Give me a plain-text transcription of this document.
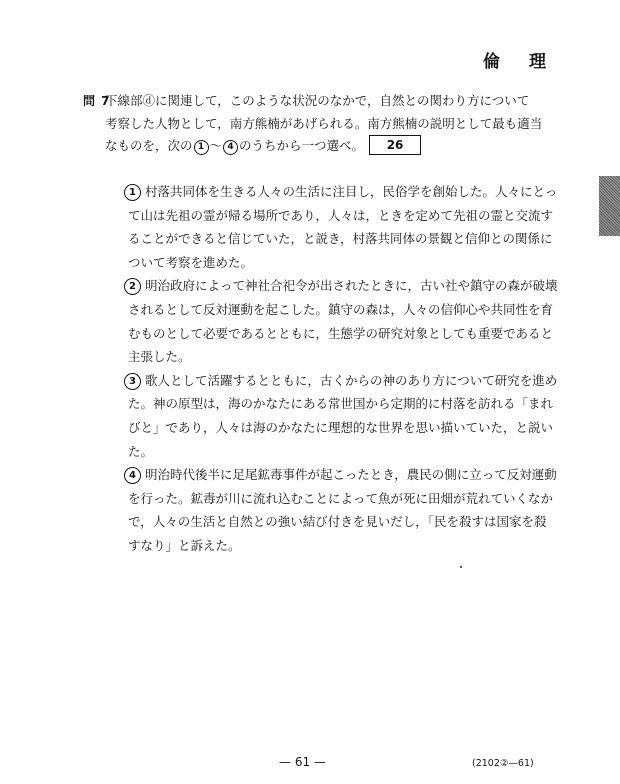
倫　理
問 7
下線部ⓓに関連して，このような状況のなかで，自然との関わり方について
考察した人物として，南方熊楠があげられる。南方熊楠の説明として最も適当
なものを，次の 1 ～ 4 のうちから一つ選べ。 26
1 村落共同体を生きる人々の生活に注目し，民俗学を創始した。人々にとっ
て山は先祖の霊が帰る場所であり，人々は，ときを定めて先祖の霊と交流す
ることができると信じていた，と説き，村落共同体の景観と信仰との関係に
ついて考察を進めた。
2 明治政府によって神社合祀令が出されたときに，古い社や鎮守の森が破壊
されるとして反対運動を起こした。鎮守の森は，人々の信仰心や共同性を育
むものとして必要であるとともに，生態学の研究対象としても重要であると
主張した。
3 歌人として活躍するとともに，古くからの神のあり方について研究を進め
た。神の原型は，海のかなたにある常世国から定期的に村落を訪れる「まれ
びと」であり，人々は海のかなたに理想的な世界を思い描いていた，と説い
た。
4 明治時代後半に足尾鉱毒事件が起こったとき，農民の側に立って反対運動
を行った。鉱毒が川に流れ込むことによって魚が死に田畑が荒れていくなか
で，人々の生活と自然との強い結び付きを見いだし，「民を殺すは国家を殺
すなり」と訴えた。
— 61 —	(2102②—61)
